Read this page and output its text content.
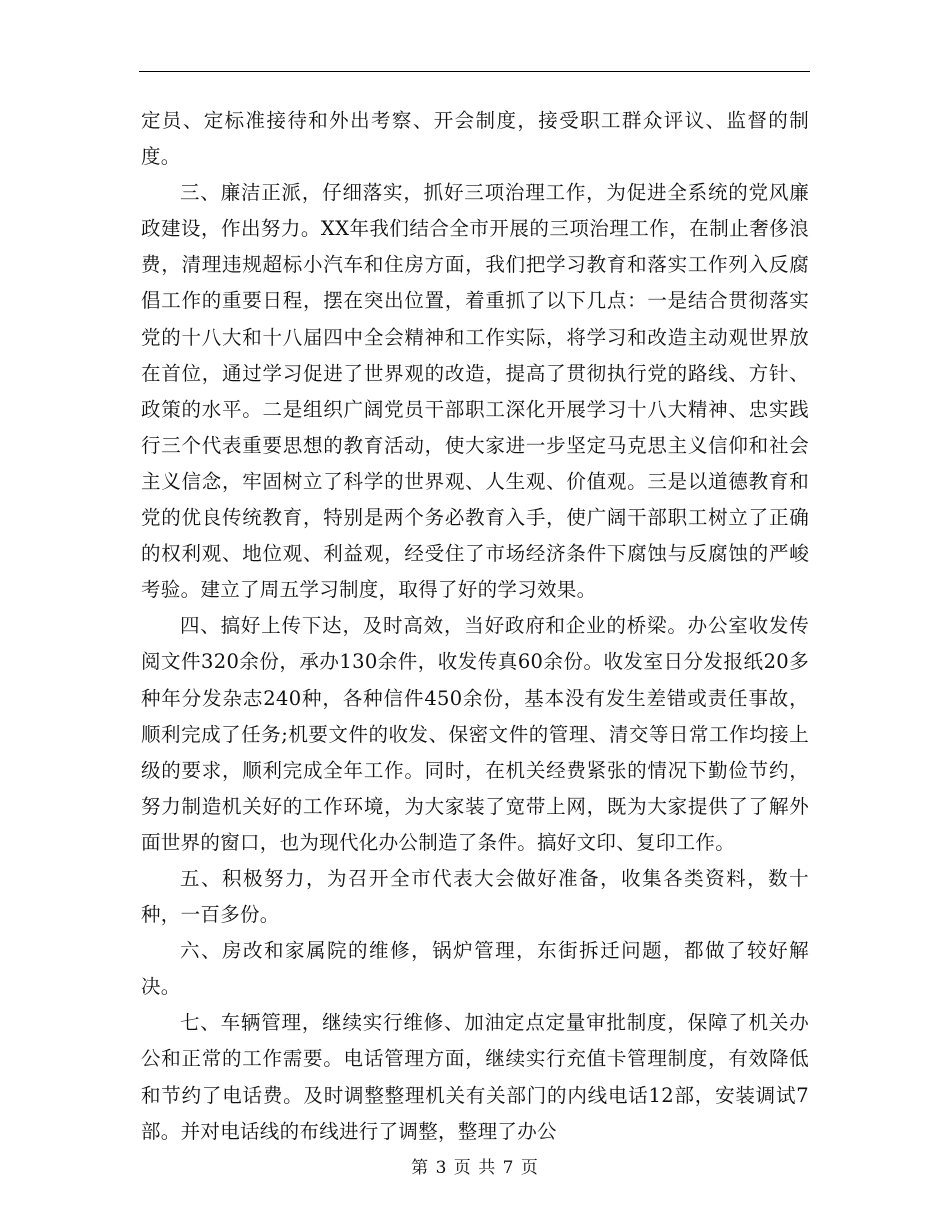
定员、定标准接待和外出考察、开会制度，接受职工群众评议、监督的制度。

三、廉洁正派，仔细落实，抓好三项治理工作，为促进全系统的党风廉政建设，作出努力。XX年我们结合全市开展的三项治理工作，在制止奢侈浪费，清理违规超标小汽车和住房方面，我们把学习教育和落实工作列入反腐倡工作的重要日程，摆在突出位置，着重抓了以下几点：一是结合贯彻落实党的十八大和十八届四中全会精神和工作实际，将学习和改造主动观世界放在首位，通过学习促进了世界观的改造，提高了贯彻执行党的路线、方针、政策的水平。二是组织广阔党员干部职工深化开展学习十八大精神、忠实践行三个代表重要思想的教育活动，使大家进一步坚定马克思主义信仰和社会主义信念，牢固树立了科学的世界观、人生观、价值观。三是以道德教育和党的优良传统教育，特别是两个务必教育入手，使广阔干部职工树立了正确的权利观、地位观、利益观，经受住了市场经济条件下腐蚀与反腐蚀的严峻考验。建立了周五学习制度，取得了好的学习效果。

四、搞好上传下达，及时高效，当好政府和企业的桥梁。办公室收发传阅文件320余份，承办130余件，收发传真60余份。收发室日分发报纸20多种年分发杂志240种，各种信件450余份，基本没有发生差错或责任事故，顺利完成了任务;机要文件的收发、保密文件的管理、清交等日常工作均接上级的要求，顺利完成全年工作。同时，在机关经费紧张的情况下勤俭节约，努力制造机关好的工作环境，为大家装了宽带上网，既为大家提供了了解外面世界的窗口，也为现代化办公制造了条件。搞好文印、复印工作。

五、积极努力，为召开全市代表大会做好准备，收集各类资料，数十种，一百多份。

六、房改和家属院的维修，锅炉管理，东街拆迁问题，都做了较好解决。

七、车辆管理，继续实行维修、加油定点定量审批制度，保障了机关办公和正常的工作需要。电话管理方面，继续实行充值卡管理制度，有效降低和节约了电话费。及时调整整理机关有关部门的内线电话12部，安装调试7部。并对电话线的布线进行了调整，整理了办公

第 3 页 共 7 页
